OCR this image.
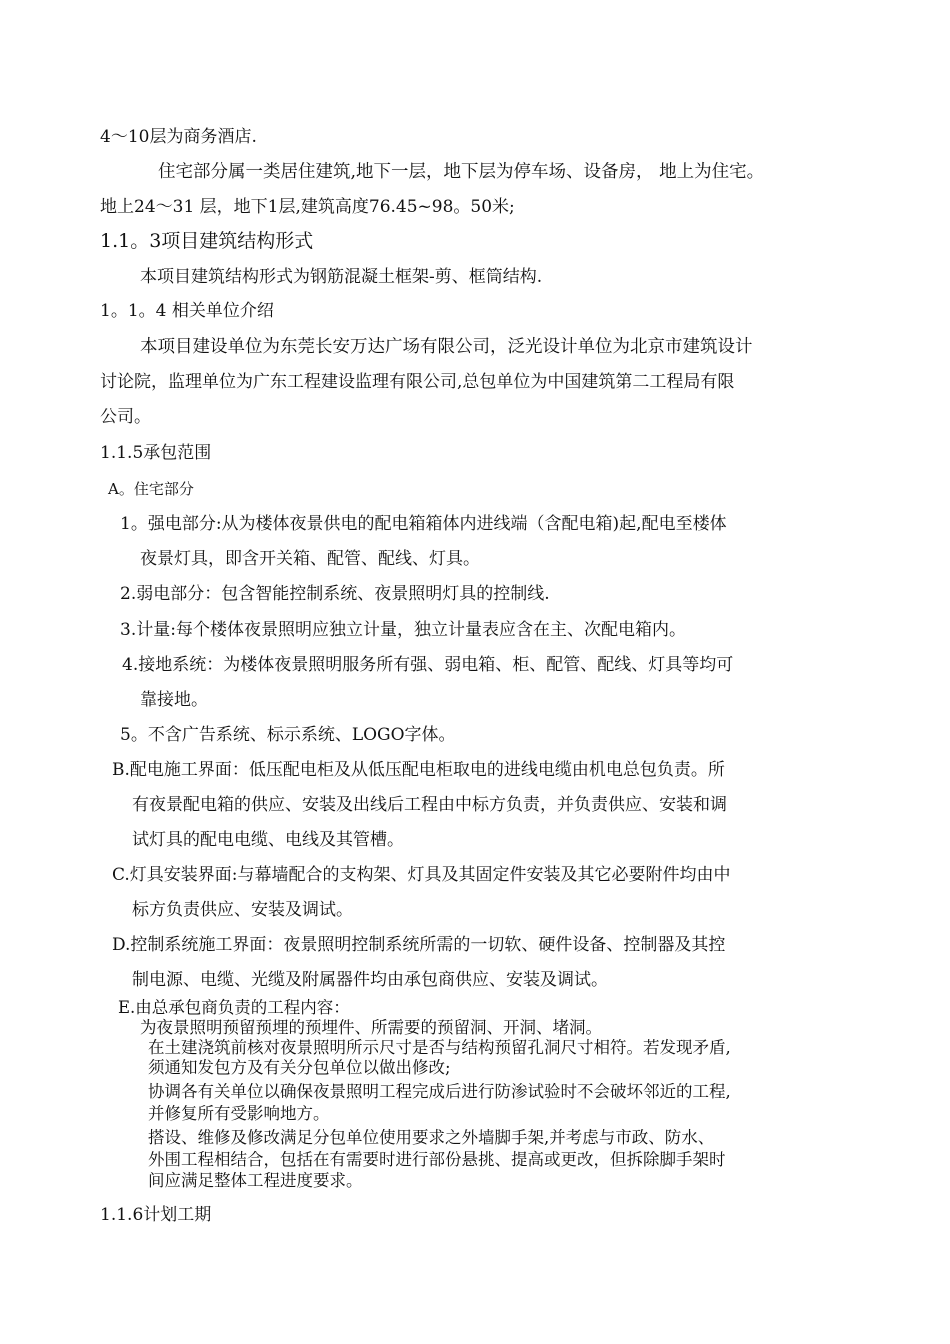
4～10层为商务酒店.
住宅部分属一类居住建筑,地下一层，地下层为停车场、设备房， 地上为住宅。
地上24～31 层，地下1层,建筑高度76.45~98。50米;
1.1。3项目建筑结构形式
本项目建筑结构形式为钢筋混凝土框架-剪、框筒结构.
1。1。4 相关单位介绍
本项目建设单位为东莞长安万达广场有限公司，泛光设计单位为北京市建筑设计
讨论院，监理单位为广东工程建设监理有限公司,总包单位为中国建筑第二工程局有限
公司。
1.1.5承包范围
A。住宅部分
1。强电部分:从为楼体夜景供电的配电箱箱体内进线端（含配电箱)起,配电至楼体
夜景灯具，即含开关箱、配管、配线、灯具。
2.弱电部分：包含智能控制系统、夜景照明灯具的控制线.
3.计量:每个楼体夜景照明应独立计量，独立计量表应含在主、次配电箱内。
4.接地系统：为楼体夜景照明服务所有强、弱电箱、柜、配管、配线、灯具等均可
靠接地。
5。不含广告系统、标示系统、LOGO字体。
B.配电施工界面：低压配电柜及从低压配电柜取电的进线电缆由机电总包负责。所
有夜景配电箱的供应、安装及出线后工程由中标方负责，并负责供应、安装和调
试灯具的配电电缆、电线及其管槽。
C.灯具安装界面:与幕墙配合的支构架、灯具及其固定件安装及其它必要附件均由中
标方负责供应、安装及调试。
D.控制系统施工界面：夜景照明控制系统所需的一切软、硬件设备、控制器及其控
制电源、电缆、光缆及附属器件均由承包商供应、安装及调试。
E.由总承包商负责的工程内容：
为夜景照明预留预埋的预埋件、所需要的预留洞、开洞、堵洞。
在土建浇筑前核对夜景照明所示尺寸是否与结构预留孔洞尺寸相符。若发现矛盾,
须通知发包方及有关分包单位以做出修改;
协调各有关单位以确保夜景照明工程完成后进行防渗试验时不会破坏邻近的工程,
并修复所有受影响地方。
搭设、维修及修改满足分包单位使用要求之外墙脚手架,并考虑与市政、防水、
外围工程相结合，包括在有需要时进行部份悬挑、提高或更改，但拆除脚手架时
间应满足整体工程进度要求。
1.1.6计划工期
